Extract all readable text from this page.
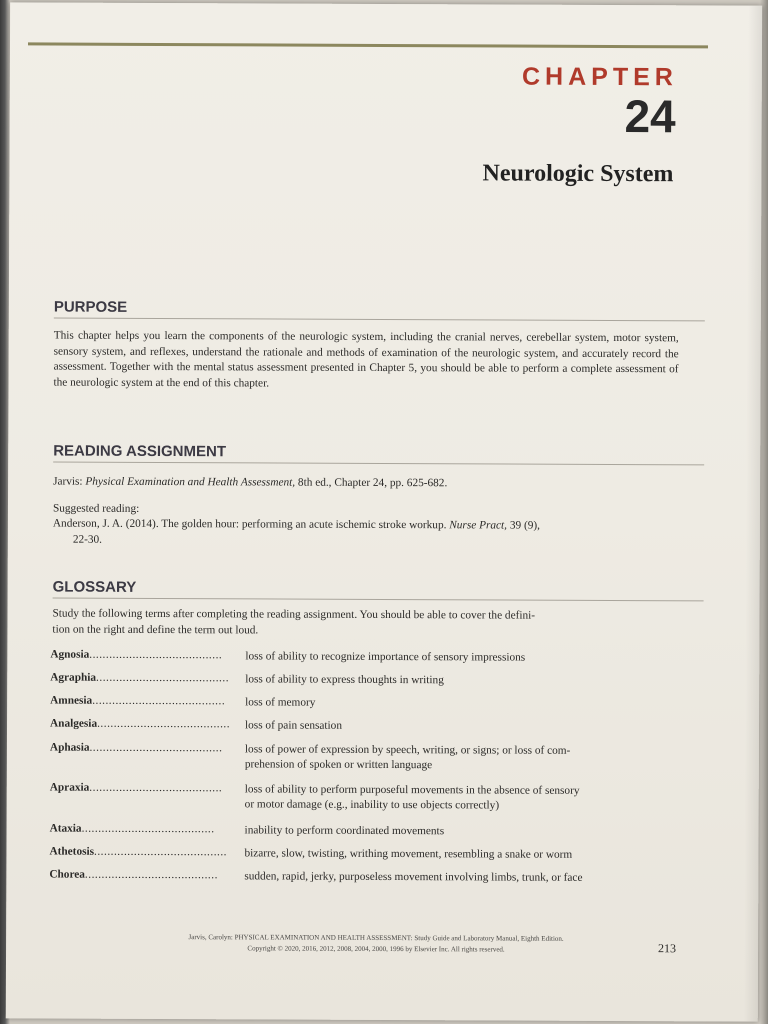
CHAPTER
24
Neurologic System
PURPOSE
This chapter helps you learn the components of the neurologic system, including the cranial nerves, cerebellar system, motor system, sensory system, and reflexes, understand the rationale and methods of examination of the neurologic system, and accurately record the assessment. Together with the mental status assessment presented in Chapter 5, you should be able to perform a complete assessment of the neurologic system at the end of this chapter.
READING ASSIGNMENT
Jarvis: Physical Examination and Health Assessment, 8th ed., Chapter 24, pp. 625-682.
Suggested reading:
Anderson, J. A. (2014). The golden hour: performing an acute ischemic stroke workup. Nurse Pract, 39 (9),
22-30.
GLOSSARY
Study the following terms after completing the reading assignment. You should be able to cover the defini-
tion on the right and define the term out loud.
Agnosia........................................	loss of ability to recognize importance of sensory impressions
Agraphia........................................	loss of ability to express thoughts in writing
Amnesia........................................	loss of memory
Analgesia........................................	loss of pain sensation
Aphasia........................................	loss of power of expression by speech, writing, or signs; or loss of com-
prehension of spoken or written language
Apraxia........................................	loss of ability to perform purposeful movements in the absence of sensory
or motor damage (e.g., inability to use objects correctly)
Ataxia........................................	inability to perform coordinated movements
Athetosis........................................	bizarre, slow, twisting, writhing movement, resembling a snake or worm
Chorea........................................	sudden, rapid, jerky, purposeless movement involving limbs, trunk, or face
Jarvis, Carolyn: PHYSICAL EXAMINATION AND HEALTH ASSESSMENT: Study Guide and Laboratory Manual, Eighth Edition.
Copyright © 2020, 2016, 2012, 2008, 2004, 2000, 1996 by Elsevier Inc. All rights reserved.	213
